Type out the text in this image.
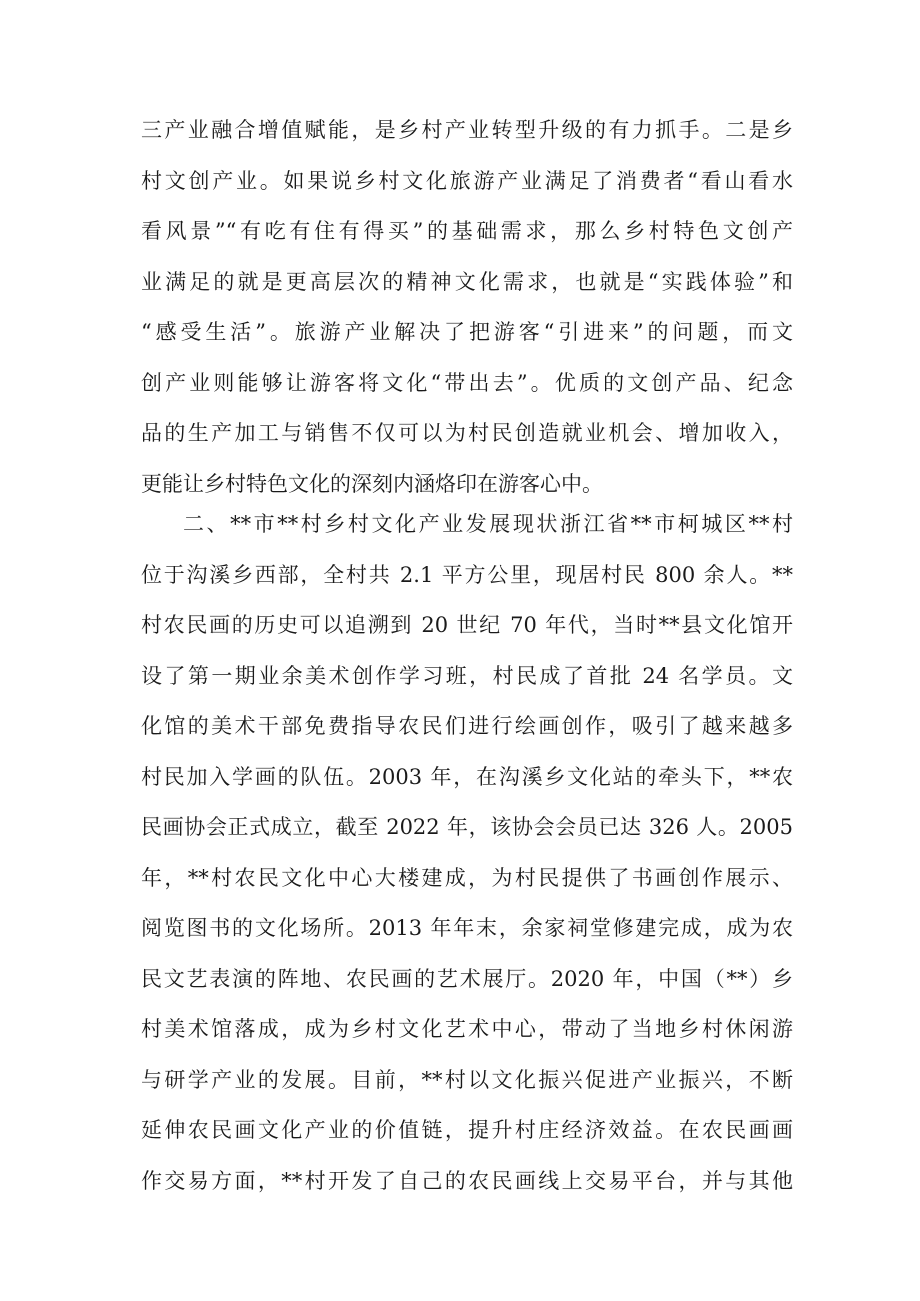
三产业融合增值赋能，是乡村产业转型升级的有力抓手。二是乡
村文创产业。如果说乡村文化旅游产业满足了消费者“看山看水
看风景”“有吃有住有得买”的基础需求，那么乡村特色文创产
业满足的就是更高层次的精神文化需求，也就是“实践体验”和
“感受生活”。旅游产业解决了把游客“引进来”的问题，而文
创产业则能够让游客将文化“带出去”。优质的文创产品、纪念
品的生产加工与销售不仅可以为村民创造就业机会、增加收入，
更能让乡村特色文化的深刻内涵烙印在游客心中。
二、**市**村乡村文化产业发展现状浙江省**市柯城区**村
位于沟溪乡西部，全村共 2.1 平方公里，现居村民 800 余人。**
村农民画的历史可以追溯到 20 世纪 70 年代，当时**县文化馆开
设了第一期业余美术创作学习班，村民成了首批 24 名学员。文
化馆的美术干部免费指导农民们进行绘画创作，吸引了越来越多
村民加入学画的队伍。2003 年，在沟溪乡文化站的牵头下，**农
民画协会正式成立，截至 2022 年，该协会会员已达 326 人。2005
年，**村农民文化中心大楼建成，为村民提供了书画创作展示、
阅览图书的文化场所。2013 年年末，余家祠堂修建完成，成为农
民文艺表演的阵地、农民画的艺术展厅。2020 年，中国（**）乡
村美术馆落成，成为乡村文化艺术中心，带动了当地乡村休闲游
与研学产业的发展。目前，**村以文化振兴促进产业振兴，不断
延伸农民画文化产业的价值链，提升村庄经济效益。在农民画画
作交易方面，**村开发了自己的农民画线上交易平台，并与其他
